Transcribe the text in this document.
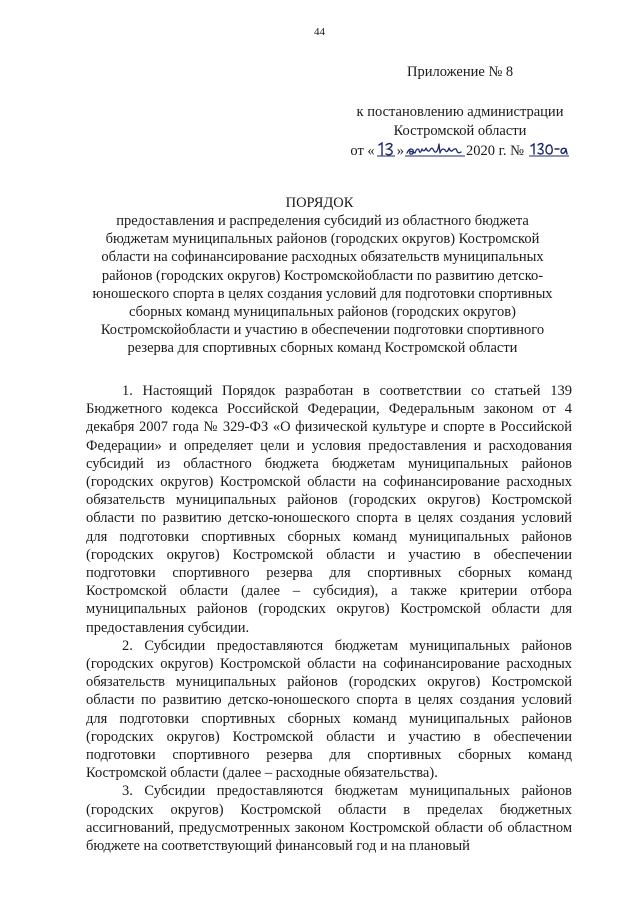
44
Приложение № 8
к постановлению администрации
Костромской области
от « »	2020 г. №
ПОРЯДОК
предоставления и распределения субсидий из областного бюджета бюджетам муниципальных районов (городских округов) Костромской области на софинансирование расходных обязательств муниципальных районов (городских округов) Костромскойобласти по развитию детско-юношеского спорта в целях создания условий для подготовки спортивных сборных команд муниципальных районов (городских округов) Костромскойобласти и участию в обеспечении подготовки спортивного резерва для спортивных сборных команд Костромской области

1. Настоящий Порядок разработан в соответствии со статьей 139 Бюджетного кодекса Российской Федерации, Федеральным законом от 4 декабря 2007 года № 329-ФЗ «О физической культуре и спорте в Российской Федерации» и определяет цели и условия предоставления и расходования субсидий из областного бюджета бюджетам муниципальных районов (городских округов) Костромской области на софинансирование расходных обязательств муниципальных районов (городских округов) Костромской области по развитию детско-юношеского спорта в целях создания условий для подготовки спортивных сборных команд муниципальных районов (городских округов) Костромской области и участию в обеспечении подготовки спортивного резерва для спортивных сборных команд Костромской области (далее – субсидия), а также критерии отбора муниципальных районов (городских округов) Костромской области для предоставления субсидии.

2. Субсидии предоставляются бюджетам муниципальных районов (городских округов) Костромской области на софинансирование расходных обязательств муниципальных районов (городских округов) Костромской области по развитию детско-юношеского спорта в целях создания условий для подготовки спортивных сборных команд муниципальных районов (городских округов) Костромской области и участию в обеспечении подготовки спортивного резерва для спортивных сборных команд Костромской области (далее – расходные обязательства).

3. Субсидии предоставляются бюджетам муниципальных районов (городских округов) Костромской области в пределах бюджетных ассигнований, предусмотренных законом Костромской области об областном бюджете на соответствующий финансовый год и на плановый
